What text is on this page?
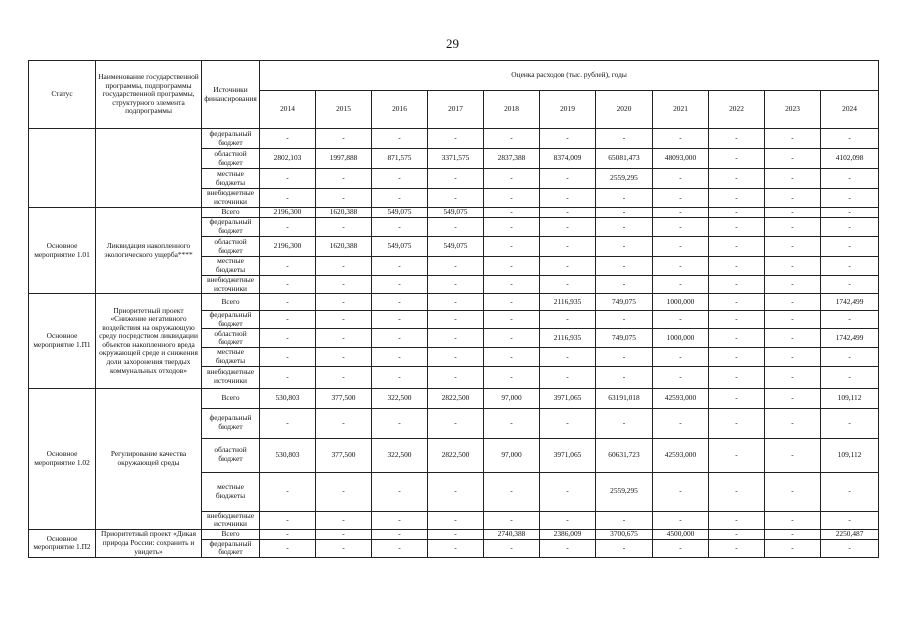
29
Статус	Наименование государственной программы, подпрограммы государственной программы, структурного элемента подпрограммы	Источники финансирования	Оценка расходов (тыс. рублей), годы										
			2014	2015	2016	2017	2018	2019	2020	2021	2022	2023	2024
		федеральный бюджет	-	-	-	-	-	-	-	-	-	-	-
		областной бюджет	2802,103	1997,888	871,575	3371,575	2837,388	8374,009	65081,473	48093,000	-	-	4102,098
		местные бюджеты	-	-	-	-	-	-	2559,295	-	-	-	-
		внебюджетные источники	-	-	-	-	-	-	-	-	-	-	-
Основное мероприятие 1.01	Ликвидация накопленного экологического ущерба****	Всего	2196,300	1620,388	549,075	549,075	-	-	-	-	-	-	-
		федеральный бюджет	-	-	-	-	-	-	-	-	-	-	-
		областной бюджет	2196,300	1620,388	549,075	549,075	-	-	-	-	-	-	-
		местные бюджеты	-	-	-	-	-	-	-	-	-	-	-
		внебюджетные источники	-	-	-	-	-	-	-	-	-	-	-
Основное мероприятие 1.П1	Приоритетный проект «Снижение негативного воздействия на окружающую среду посредством ликвидации объектов накопленного вреда окружающей среде и снижения доли захоронения твердых коммунальных отходов»	Всего	-	-	-	-	-	2116,935	749,075	1000,000	-	-	1742,499
		федеральный бюджет	-	-	-	-	-	-	-	-	-	-	-
		областной бюджет	-	-	-	-	-	2116,935	749,075	1000,000	-	-	1742,499
		местные бюджеты	-	-	-	-	-	-	-	-	-	-	-
		внебюджетные источники	-	-	-	-	-	-	-	-	-	-	-
Основное мероприятие 1.02	Регулирование качества окружающей среды	Всего	530,803	377,500	322,500	2822,500	97,000	3971,065	63191,018	42593,000	-	-	109,112
		федеральный бюджет	-	-	-	-	-	-	-	-	-	-	-
		областной бюджет	530,803	377,500	322,500	2822,500	97,000	3971,065	60631,723	42593,000	-	-	109,112
		местные бюджеты	-	-	-	-	-	-	2559,295	-	-	-	-
		внебюджетные источники	-	-	-	-	-	-	-	-	-	-	-
Основное мероприятие 1.П2	Приоритетный проект «Дикая природа России: сохранить и увидеть»	Всего	-	-	-	-	2740,388	2386,009	3700,675	4500,000	-	-	2250,487
		федеральный бюджет	-	-	-	-	-	-	-	-	-	-	-
